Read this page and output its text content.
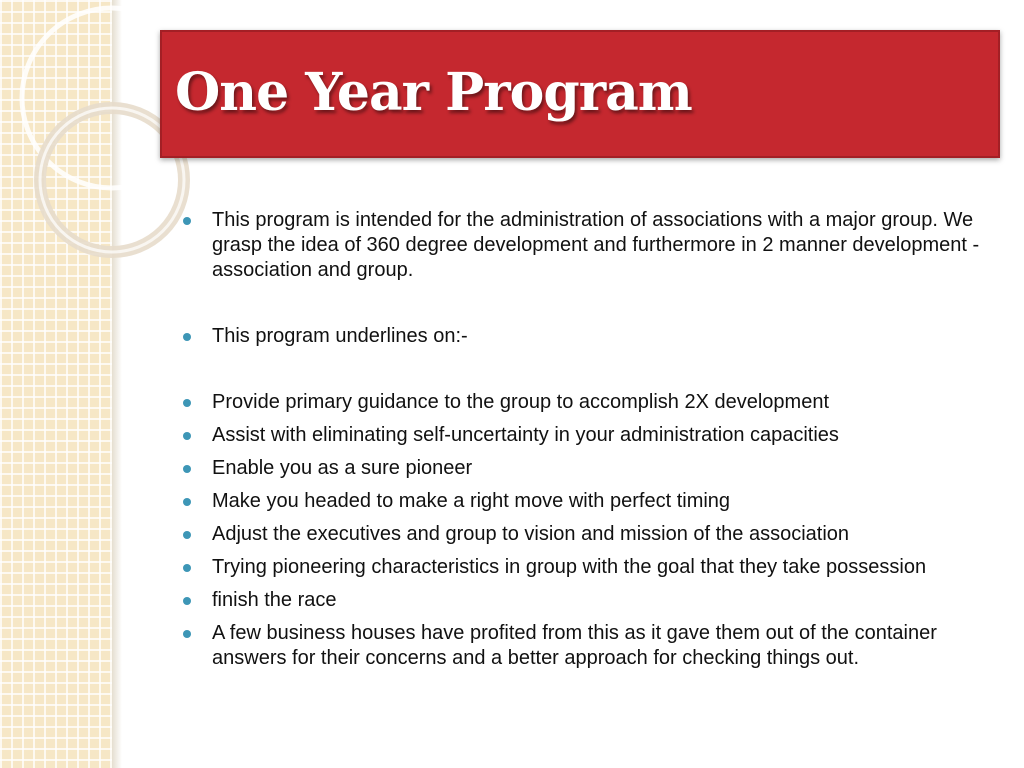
One Year Program
This program is intended for the administration of associations with a major group. We grasp the idea of 360 degree development and furthermore in 2 manner development - association and group.
This program underlines on:-
Provide primary guidance to the group to accomplish 2X development
Assist with eliminating self-uncertainty in your administration capacities
Enable you as a sure pioneer
Make you headed to make a right move with perfect timing
Adjust the executives and group to vision and mission of the association
Trying pioneering characteristics in group with the goal that they take possession
finish the race
A few business houses have profited from this as it gave them out of the container answers for their concerns and a better approach for checking things out.
